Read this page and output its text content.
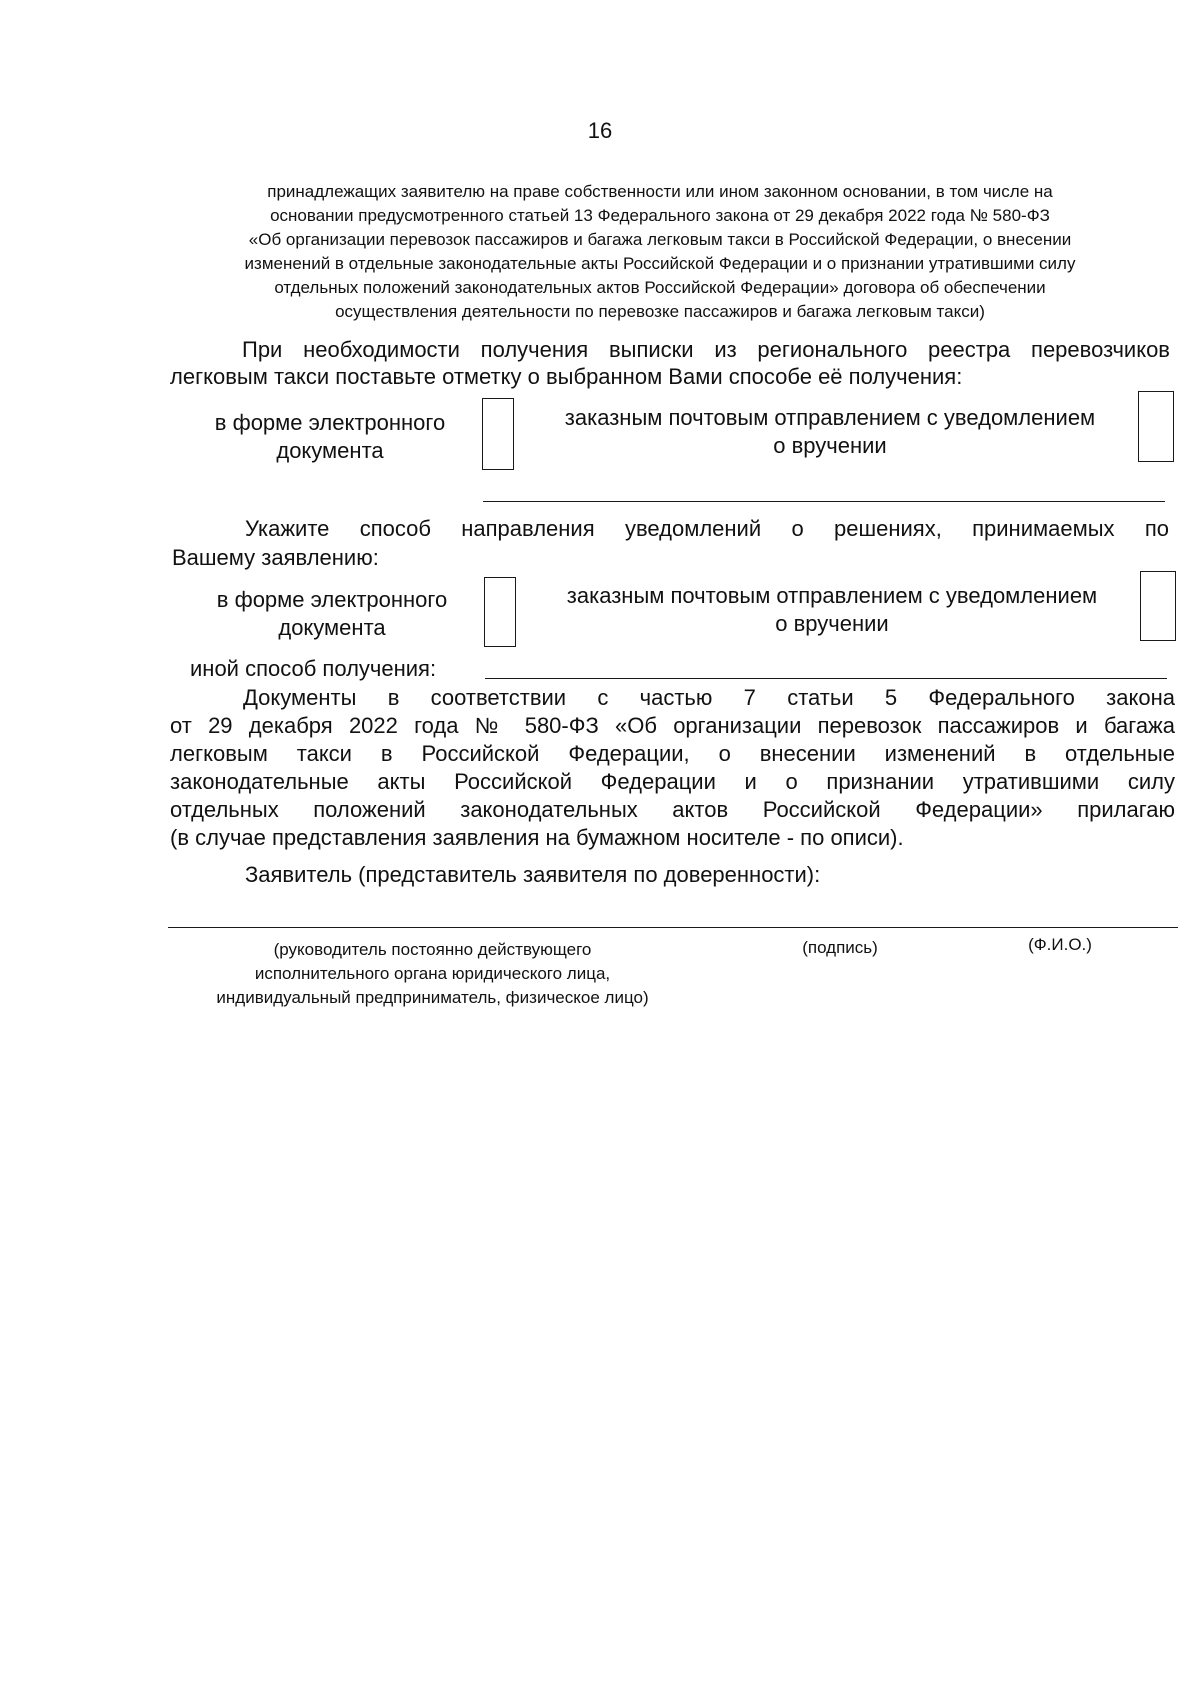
16
принадлежащих заявителю на праве собственности или ином законном основании, в том числе на
основании предусмотренного статьей 13 Федерального закона от 29 декабря 2022 года № 580-ФЗ
«Об организации перевозок пассажиров и багажа легковым такси в Российской Федерации, о внесении
изменений в отдельные законодательные акты Российской Федерации и о признании утратившими силу
отдельных положений законодательных актов Российской Федерации» договора об обеспечении
осуществления деятельности по перевозке пассажиров и багажа легковым такси)
При необходимости получения выписки из регионального реестра перевозчиков
легковым такси поставьте отметку о выбранном Вами способе её получения:
в форме электронного
документа
заказным почтовым отправлением с уведомлением
о вручении
Укажите способ направления уведомлений о решениях, принимаемых по
Вашему заявлению:
в форме электронного
документа
заказным почтовым отправлением с уведомлением
о вручении
иной способ получения:
Документы в соответствии с частью 7 статьи 5 Федерального закона
от 29 декабря 2022 года № 580-ФЗ «Об организации перевозок пассажиров и багажа
легковым такси в Российской Федерации, о внесении изменений в отдельные
законодательные акты Российской Федерации и о признании утратившими силу
отдельных положений законодательных актов Российской Федерации» прилагаю
(в случае представления заявления на бумажном носителе - по описи).
Заявитель (представитель заявителя по доверенности):
(руководитель постоянно действующего
исполнительного органа юридического лица,
индивидуальный предприниматель, физическое лицо)
(подпись)	(Ф.И.О.)
